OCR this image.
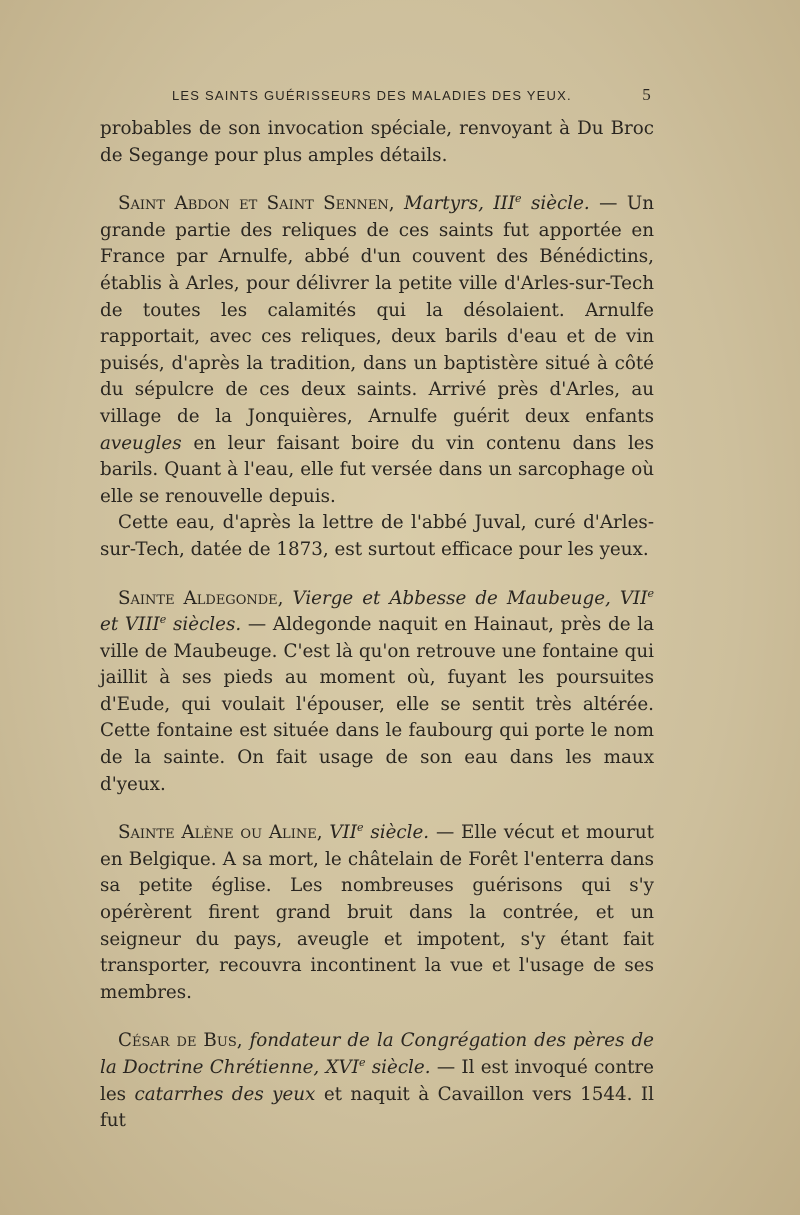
LES SAINTS GUÉRISSEURS DES MALADIES DES YEUX.	5

probables de son invocation spéciale, renvoyant à Du Broc de Segange pour plus amples détails.

Saint Abdon et Saint Sennen, Martyrs, IIIe siècle. — Un grande partie des reliques de ces saints fut apportée en France par Arnulfe, abbé d'un couvent des Bénédictins, établis à Arles, pour délivrer la petite ville d'Arles-sur-Tech de toutes les calamités qui la désolaient. Arnulfe rapportait, avec ces reliques, deux barils d'eau et de vin puisés, d'après la tradition, dans un baptistère situé à côté du sépulcre de ces deux saints. Arrivé près d'Arles, au village de la Jonquières, Arnulfe guérit deux enfants aveugles en leur faisant boire du vin contenu dans les barils. Quant à l'eau, elle fut versée dans un sarcophage où elle se renouvelle depuis.

Cette eau, d'après la lettre de l'abbé Juval, curé d'Arles-sur-Tech, datée de 1873, est surtout efficace pour les yeux.

Sainte Aldegonde, Vierge et Abbesse de Maubeuge, VIIe et VIIIe siècles. — Aldegonde naquit en Hainaut, près de la ville de Maubeuge. C'est là qu'on retrouve une fontaine qui jaillit à ses pieds au moment où, fuyant les poursuites d'Eude, qui voulait l'épouser, elle se sentit très altérée. Cette fontaine est située dans le faubourg qui porte le nom de la sainte. On fait usage de son eau dans les maux d'yeux.

Sainte Alène ou Aline, VIIe siècle. — Elle vécut et mourut en Belgique. A sa mort, le châtelain de Forêt l'enterra dans sa petite église. Les nombreuses guérisons qui s'y opérèrent firent grand bruit dans la contrée, et un seigneur du pays, aveugle et impotent, s'y étant fait transporter, recouvra incontinent la vue et l'usage de ses membres.

César de Bus, fondateur de la Congrégation des pères de la Doctrine Chrétienne, XVIe siècle. — Il est invoqué contre les catarrhes des yeux et naquit à Cavaillon vers 1544. Il fut
